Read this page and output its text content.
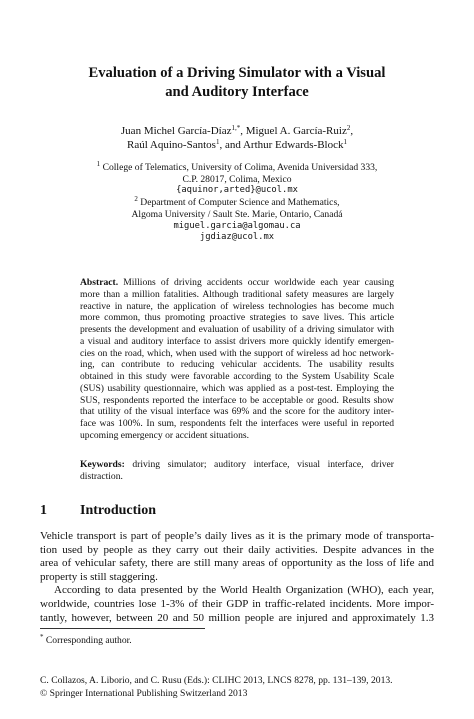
Evaluation of a Driving Simulator with a Visual
and Auditory Interface
Juan Michel García-Díaz$^{1,*}$, Miguel A. García-Ruiz$^2$,
Raúl Aquino-Santos$^1$, and Arthur Edwards-Block$^1$
$^1$ College of Telematics, University of Colima, Avenida Universidad 333,
C.P. 28017, Colima, Mexico
{aquinor,arted}@ucol.mx
$^2$ Department of Computer Science and Mathematics,
Algoma University / Sault Ste. Marie, Ontario, Canadá
miguel.garcia@algomau.ca
jgdiaz@ucol.mx
Abstract. Millions of driving accidents occur worldwide each year causing
more than a million fatalities. Although traditional safety measures are largely
reactive in nature, the application of wireless technologies has become much
more common, thus promoting proactive strategies to save lives. This article
presents the development and evaluation of usability of a driving simulator with
a visual and auditory interface to assist drivers more quickly identify emergen-
cies on the road, which, when used with the support of wireless ad hoc network-
ing, can contribute to reducing vehicular accidents. The usability results
obtained in this study were favorable according to the System Usability Scale
(SUS) usability questionnaire, which was applied as a post-test. Employing the
SUS, respondents reported the interface to be acceptable or good. Results show
that utility of the visual interface was 69% and the score for the auditory inter-
face was 100%. In sum, respondents felt the interfaces were useful in reported
upcoming emergency or accident situations.
Keywords: driving simulator; auditory interface, visual interface, driver
distraction.
1 Introduction
Vehicle transport is part of people’s daily lives as it is the primary mode of transporta-
tion used by people as they carry out their daily activities. Despite advances in the
area of vehicular safety, there are still many areas of opportunity as the loss of life and
property is still staggering.
According to data presented by the World Health Organization (WHO), each year,
worldwide, countries lose 1-3% of their GDP in traffic-related incidents. More impor-
tantly, however, between 20 and 50 million people are injured and approximately 1.3
* Corresponding author.
C. Collazos, A. Liborio, and C. Rusu (Eds.): CLIHC 2013, LNCS 8278, pp. 131–139, 2013.
© Springer International Publishing Switzerland 2013
